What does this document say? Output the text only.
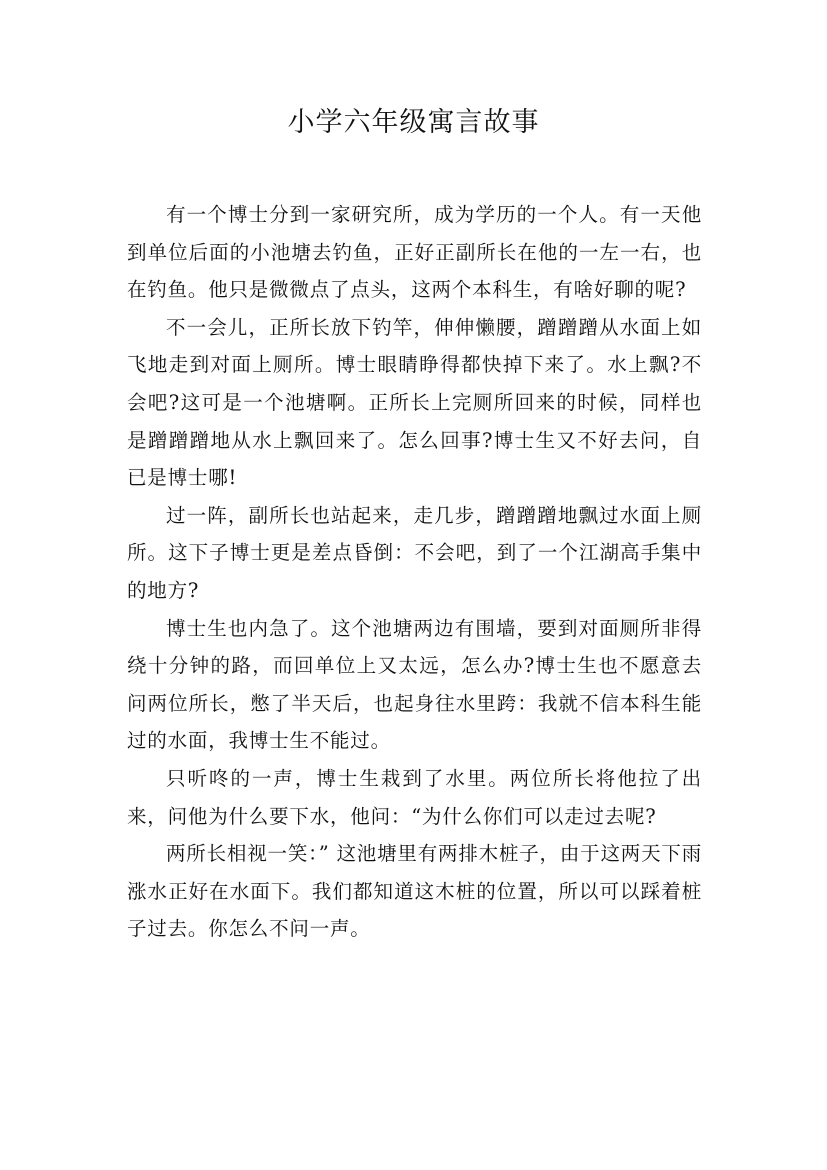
小学六年级寓言故事

有一个博士分到一家研究所，成为学历的一个人。有一天他到单位后面的小池塘去钓鱼，正好正副所长在他的一左一右，也在钓鱼。他只是微微点了点头，这两个本科生，有啥好聊的呢?

不一会儿，正所长放下钓竿，伸伸懒腰，蹭蹭蹭从水面上如飞地走到对面上厕所。博士眼睛睁得都快掉下来了。水上飘?不会吧?这可是一个池塘啊。正所长上完厕所回来的时候，同样也是蹭蹭蹭地从水上飘回来了。怎么回事?博士生又不好去问，自已是博士哪!

过一阵，副所长也站起来，走几步，蹭蹭蹭地飘过水面上厕所。这下子博士更是差点昏倒：不会吧，到了一个江湖高手集中的地方?

博士生也内急了。这个池塘两边有围墙，要到对面厕所非得绕十分钟的路，而回单位上又太远，怎么办?博士生也不愿意去问两位所长，憋了半天后，也起身往水里跨：我就不信本科生能过的水面，我博士生不能过。

只听咚的一声，博士生栽到了水里。两位所长将他拉了出来，问他为什么要下水，他问：“为什么你们可以走过去呢?

两所长相视一笑：” 这池塘里有两排木桩子，由于这两天下雨涨水正好在水面下。我们都知道这木桩的位置，所以可以踩着桩子过去。你怎么不问一声。
